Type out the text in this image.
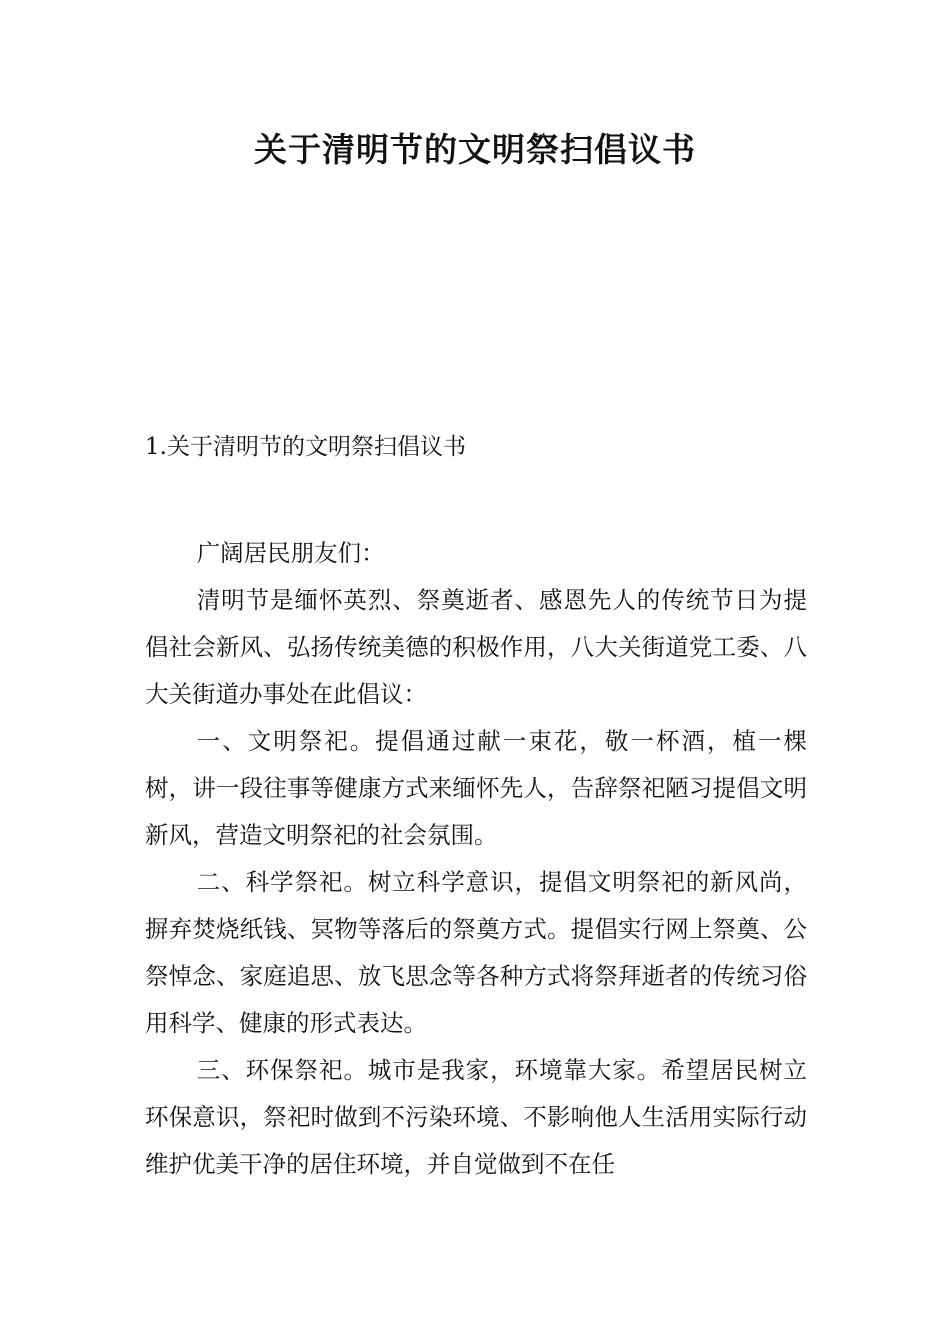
关于清明节的文明祭扫倡议书
1.关于清明节的文明祭扫倡议书

广阔居民朋友们：

清明节是缅怀英烈、祭奠逝者、感恩先人的传统节日为提倡社会新风、弘扬传统美德的积极作用，八大关街道党工委、八大关街道办事处在此倡议：

一、文明祭祀。提倡通过献一束花，敬一杯酒，植一棵树，讲一段往事等健康方式来缅怀先人，告辞祭祀陋习提倡文明新风，营造文明祭祀的社会氛围。

二、科学祭祀。树立科学意识，提倡文明祭祀的新风尚，摒弃焚烧纸钱、冥物等落后的祭奠方式。提倡实行网上祭奠、公祭悼念、家庭追思、放飞思念等各种方式将祭拜逝者的传统习俗用科学、健康的形式表达。

三、环保祭祀。城市是我家，环境靠大家。希望居民树立环保意识，祭祀时做到不污染环境、不影响他人生活用实际行动维护优美干净的居住环境，并自觉做到不在任
